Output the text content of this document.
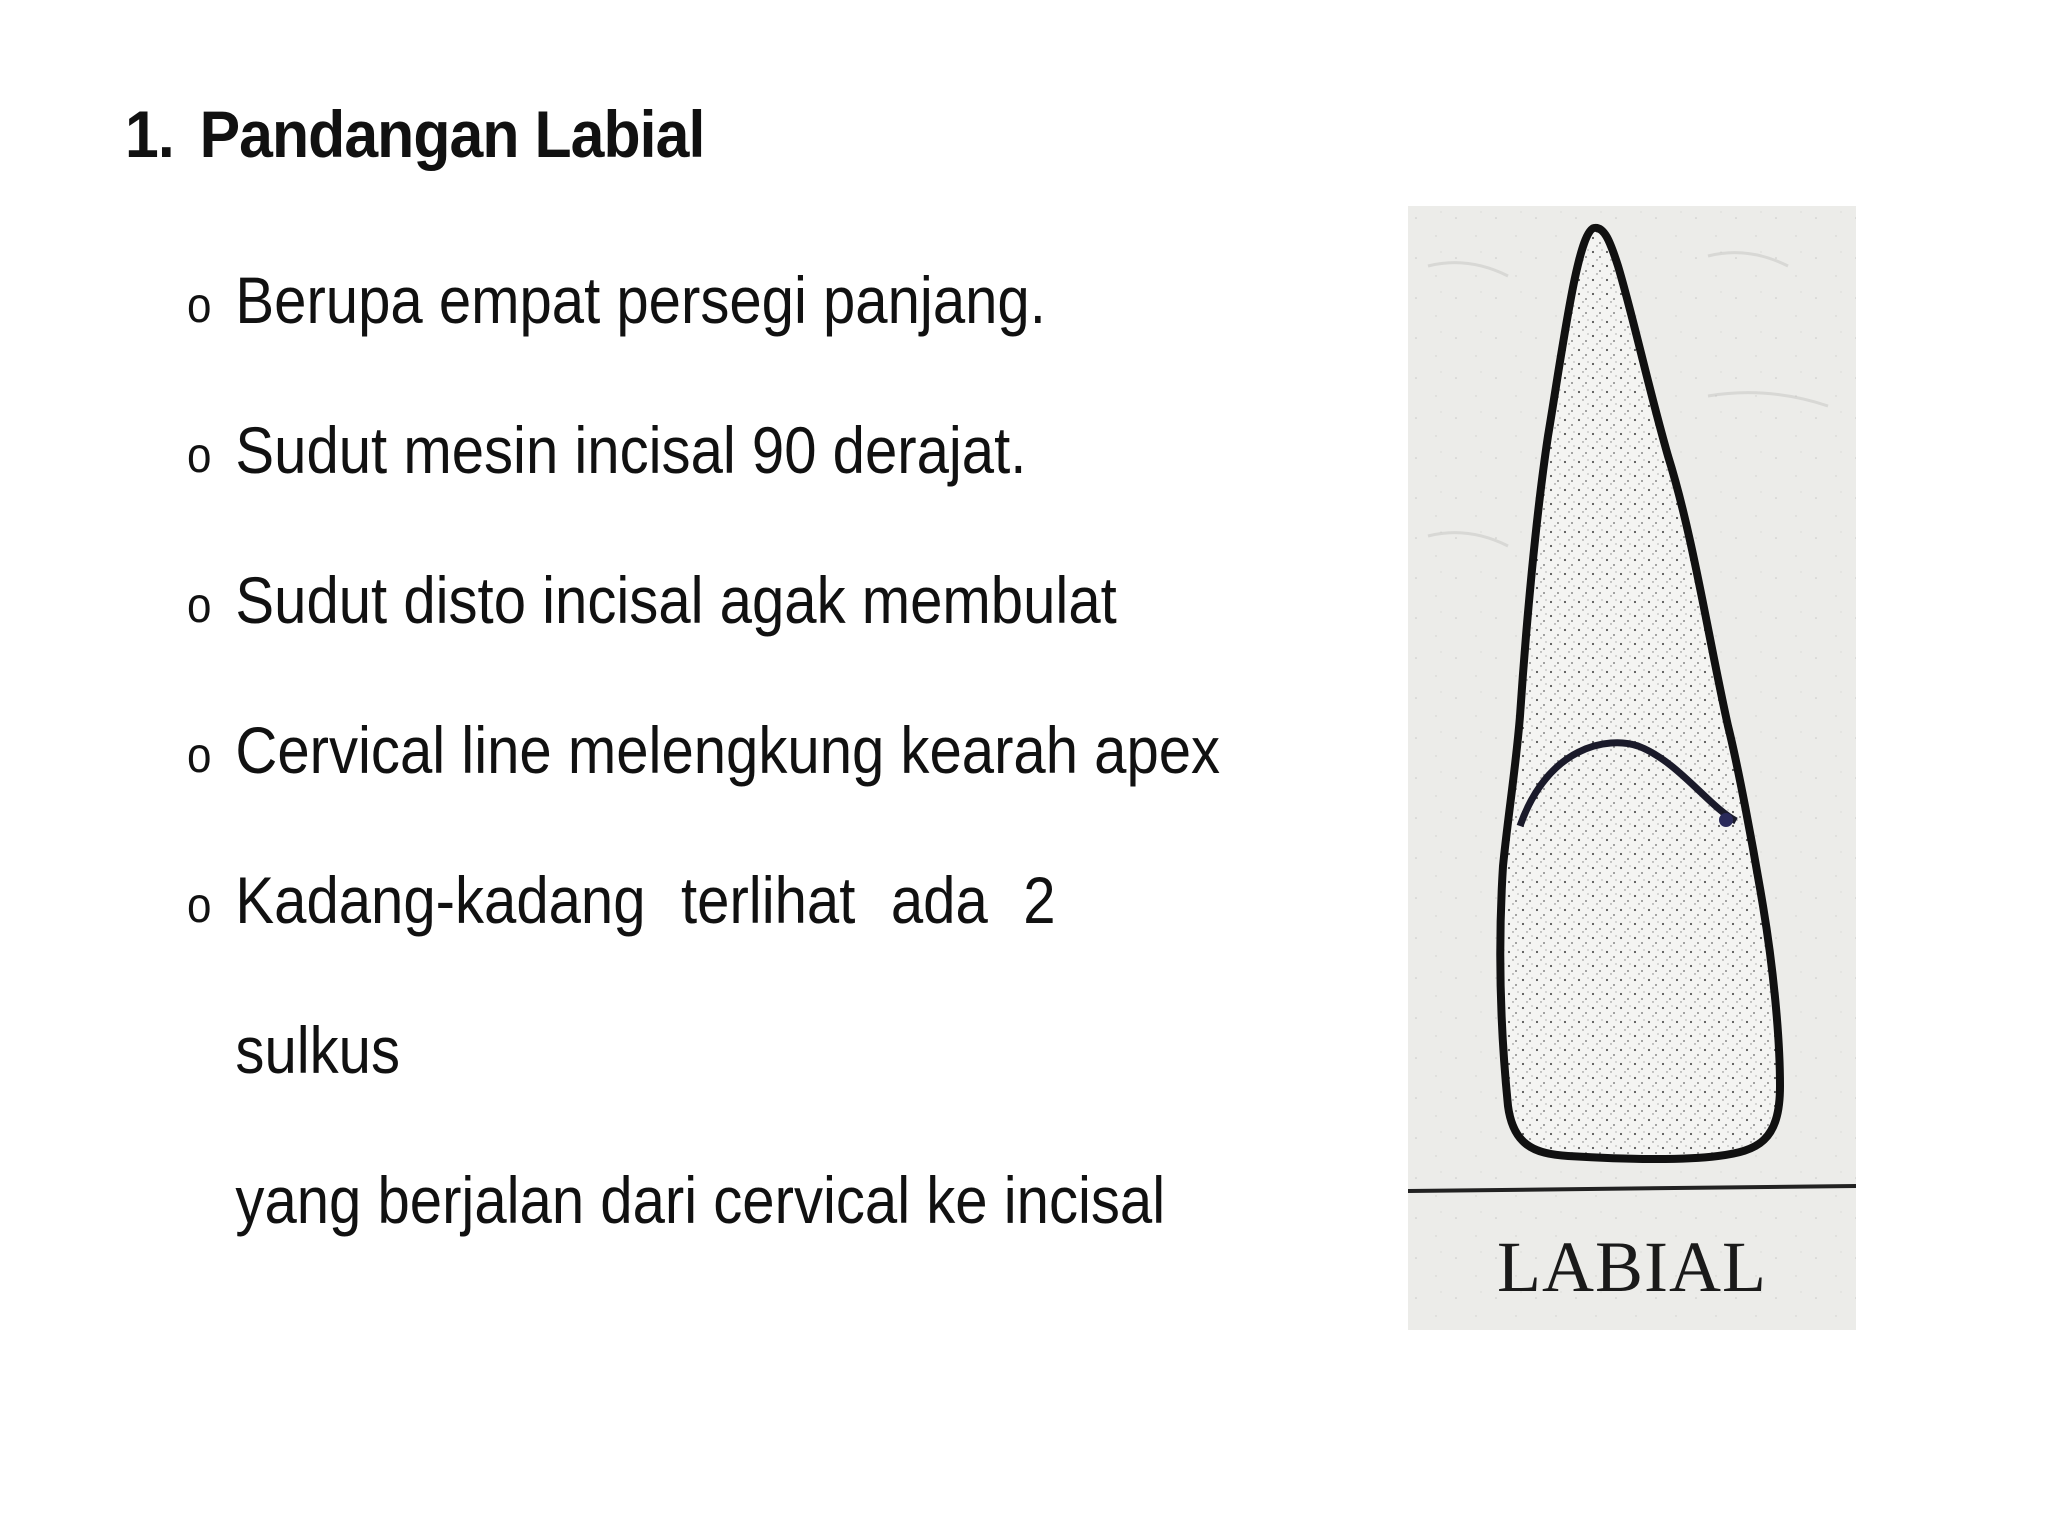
1. Pandangan Labial
o Berupa empat persegi panjang.
o Sudut mesin incisal 90 derajat.
o Sudut disto incisal agak membulat
o Cervical line melengkung kearah apex
o Kadang-kadang terlihat ada 2 sulkus
yang berjalan dari cervical ke incisal
LABIAL
